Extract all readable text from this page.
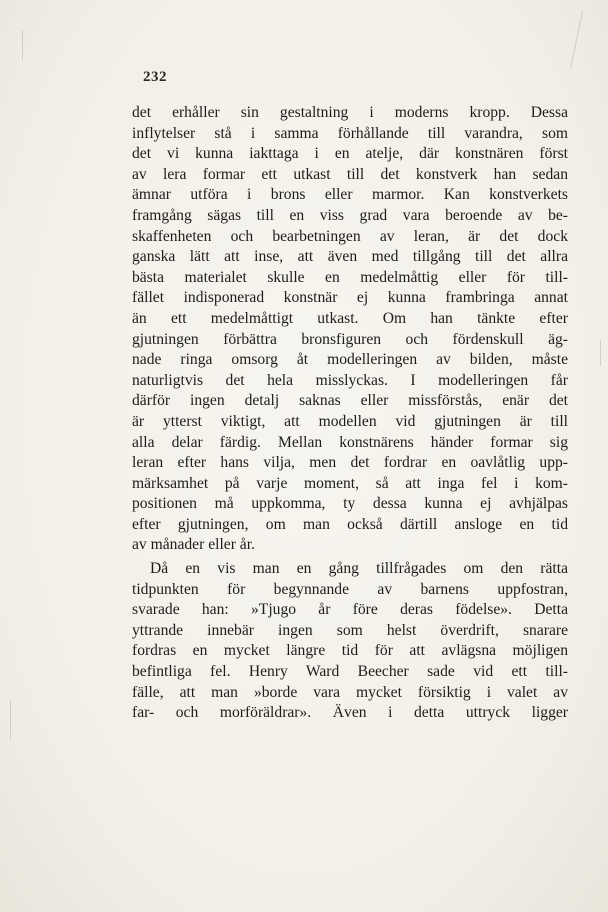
232
det erhåller sin gestaltning i moderns kropp. Dessa
inflytelser stå i samma förhållande till varandra, som
det vi kunna iakttaga i en atelje, där konstnären först
av lera formar ett utkast till det konstverk han sedan
ämnar utföra i brons eller marmor. Kan konstverkets
framgång sägas till en viss grad vara beroende av be-
skaffenheten och bearbetningen av leran, är det dock
ganska lätt att inse, att även med tillgång till det allra
bästa materialet skulle en medelmåttig eller för till-
fället indisponerad konstnär ej kunna frambringa annat
än ett medelmåttigt utkast. Om han tänkte efter
gjutningen förbättra bronsfiguren och fördenskull äg-
nade ringa omsorg åt modelleringen av bilden, måste
naturligtvis det hela misslyckas. I modelleringen får
därför ingen detalj saknas eller missförstås, enär det
är ytterst viktigt, att modellen vid gjutningen är till
alla delar färdig. Mellan konstnärens händer formar sig
leran efter hans vilja, men det fordrar en oavlåtlig upp-
märksamhet på varje moment, så att inga fel i kom-
positionen må uppkomma, ty dessa kunna ej avhjälpas
efter gjutningen, om man också därtill ansloge en tid
av månader eller år.
Då en vis man en gång tillfrågades om den rätta
tidpunkten för begynnande av barnens uppfostran,
svarade han: »Tjugo år före deras födelse». Detta
yttrande innebär ingen som helst överdrift, snarare
fordras en mycket längre tid för att avlägsna möjligen
befintliga fel. Henry Ward Beecher sade vid ett till-
fälle, att man »borde vara mycket försiktig i valet av
far- och morföräldrar». Även i detta uttryck ligger
